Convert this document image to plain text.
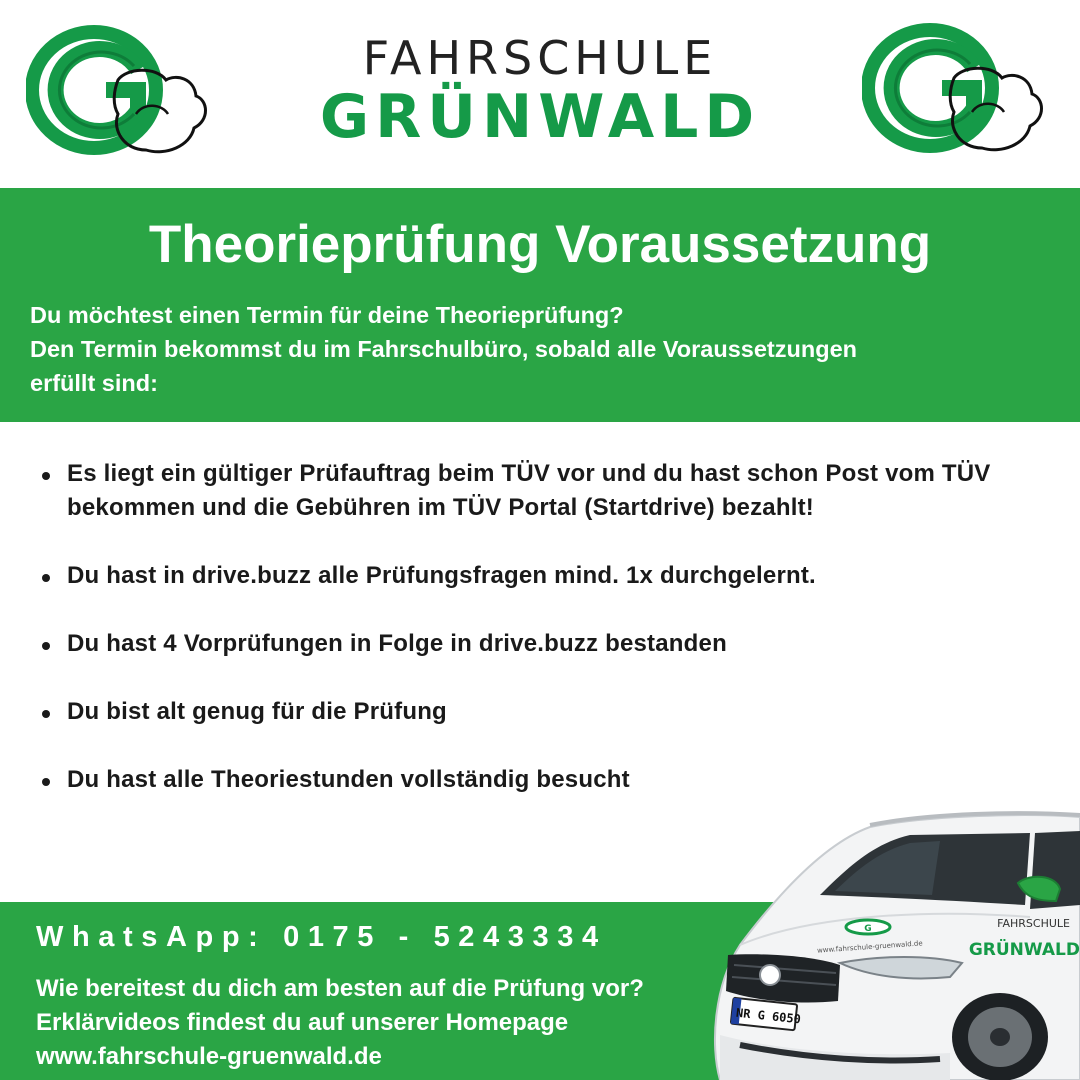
FAHRSCHULE
GRÜNWALD
Theorieprüfung Voraussetzung
Du möchtest einen Termin für deine Theorieprüfung?
Den Termin bekommst du im Fahrschulbüro, sobald alle Voraussetzungen
erfüllt sind:
Es liegt ein gültiger Prüfauftrag beim TÜV vor und du hast schon Post vom TÜV bekommen und die Gebühren im TÜV Portal (Startdrive) bezahlt!
Du hast in drive.buzz alle Prüfungsfragen mind. 1x durchgelernt.
Du hast 4 Vorprüfungen in Folge in drive.buzz bestanden
Du bist alt genug für die Prüfung
Du hast alle Theoriestunden vollständig besucht
WhatsApp: 0175 - 5243334
Wie bereitest du dich am besten auf die Prüfung vor?
Erklärvideos findest du auf unserer Homepage
www.fahrschule-gruenwald.de
G
www.fahrschule-gruenwald.de
FAHRSCHULE
GRÜNWALD
NR G 6050
